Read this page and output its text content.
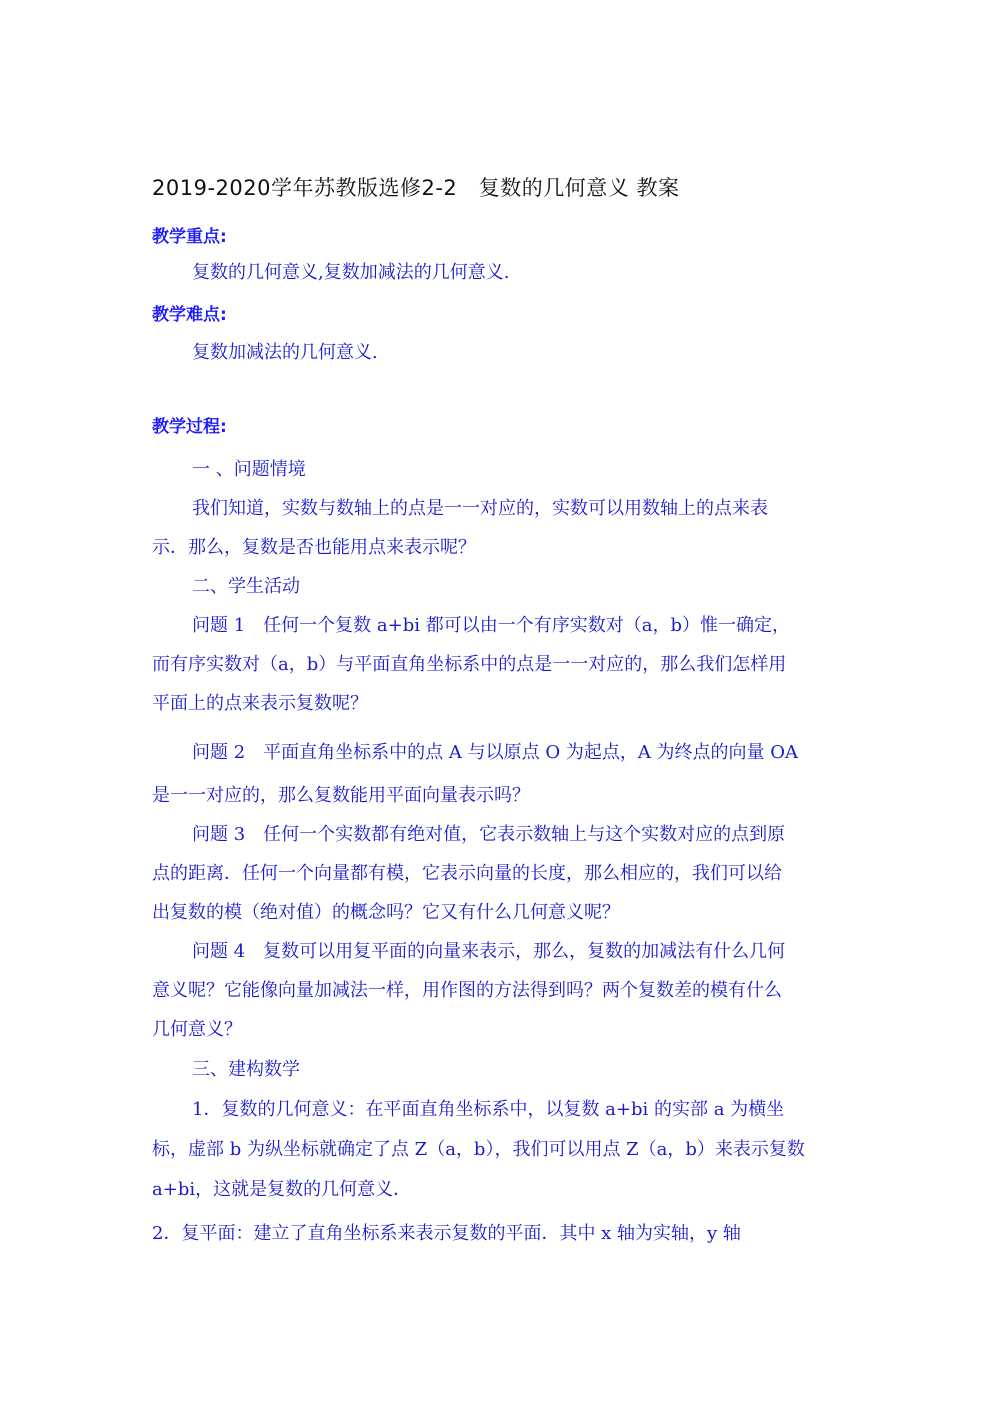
2019-2020学年苏教版选修2-2　复数的几何意义 教案
教学重点:
复数的几何意义,复数加减法的几何意义.
教学难点:
复数加减法的几何意义.
教学过程:
一 、问题情境
我们知道，实数与数轴上的点是一一对应的，实数可以用数轴上的点来表
示．那么，复数是否也能用点来表示呢？
二、学生活动
问题 1　任何一个复数 a+bi 都可以由一个有序实数对（a，b）惟一确定，
而有序实数对（a，b）与平面直角坐标系中的点是一一对应的，那么我们怎样用
平面上的点来表示复数呢？
问题 2　平面直角坐标系中的点 A 与以原点 O 为起点，A 为终点的向量 OA
是一一对应的，那么复数能用平面向量表示吗？
问题 3　任何一个实数都有绝对值，它表示数轴上与这个实数对应的点到原
点的距离．任何一个向量都有模，它表示向量的长度，那么相应的，我们可以给
出复数的模（绝对值）的概念吗？它又有什么几何意义呢？
问题 4　复数可以用复平面的向量来表示，那么，复数的加减法有什么几何
意义呢？它能像向量加减法一样，用作图的方法得到吗？两个复数差的模有什么
几何意义？
三、建构数学
1．复数的几何意义：在平面直角坐标系中，以复数 a+bi 的实部 a 为横坐
标，虚部 b 为纵坐标就确定了点 Z（a，b），我们可以用点 Z（a，b）来表示复数
a+bi，这就是复数的几何意义．
2．复平面：建立了直角坐标系来表示复数的平面．其中 x 轴为实轴，y 轴
